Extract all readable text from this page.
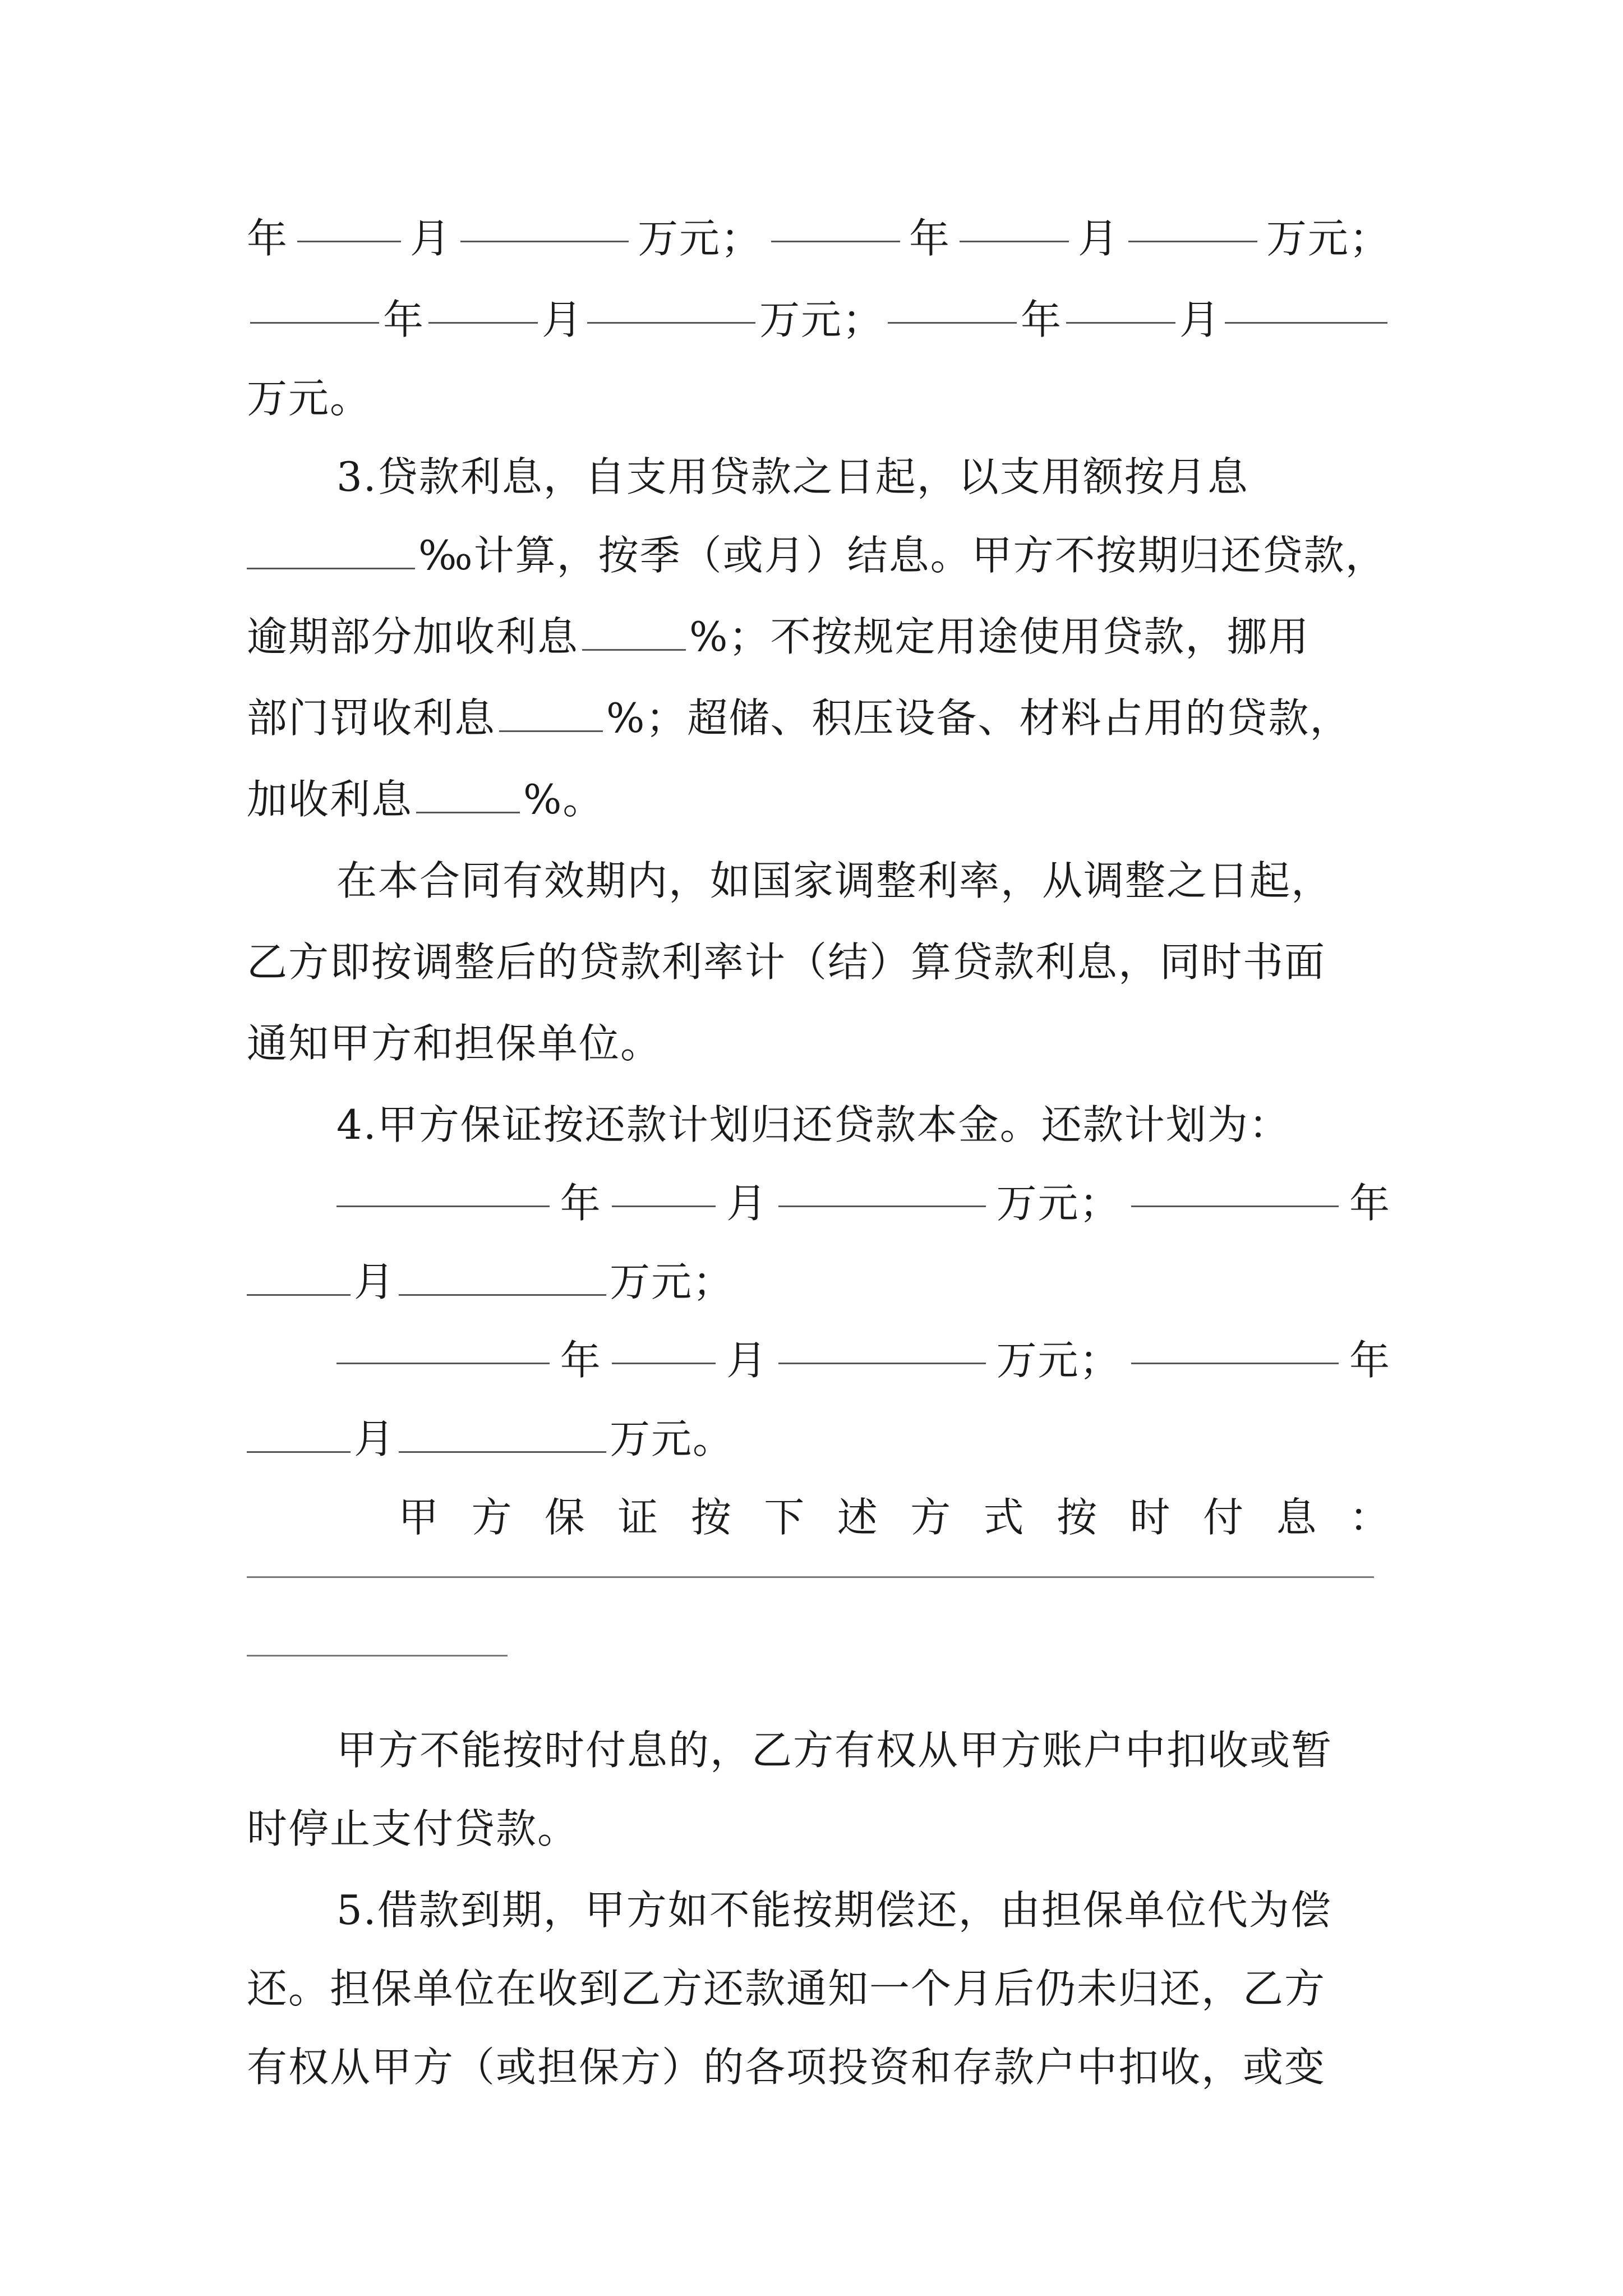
年	月	万元；	年	月	万元；
年	月	万元；	年	月
万元。
3.贷款利息，自支用贷款之日起，以支用额按月息
‰计算，按季（或月）结息。甲方不按期归还贷款，
逾期部分加收利息	%；不按规定用途使用贷款，挪用
部门罚收利息	%；超储、积压设备、材料占用的贷款，
加收利息	%。
在本合同有效期内，如国家调整利率，从调整之日起，
乙方即按调整后的贷款利率计（结）算贷款利息，同时书面
通知甲方和担保单位。
4.甲方保证按还款计划归还贷款本金。还款计划为：
年	月	万元；	年
月	万元；
年	月	万元；	年
月	万元。
甲 方 保 证 按 下 述 方 式 按 时 付 息 ：
甲方不能按时付息的，乙方有权从甲方账户中扣收或暂
时停止支付贷款。
5.借款到期，甲方如不能按期偿还，由担保单位代为偿
还。担保单位在收到乙方还款通知一个月后仍未归还，乙方
有权从甲方（或担保方）的各项投资和存款户中扣收，或变
